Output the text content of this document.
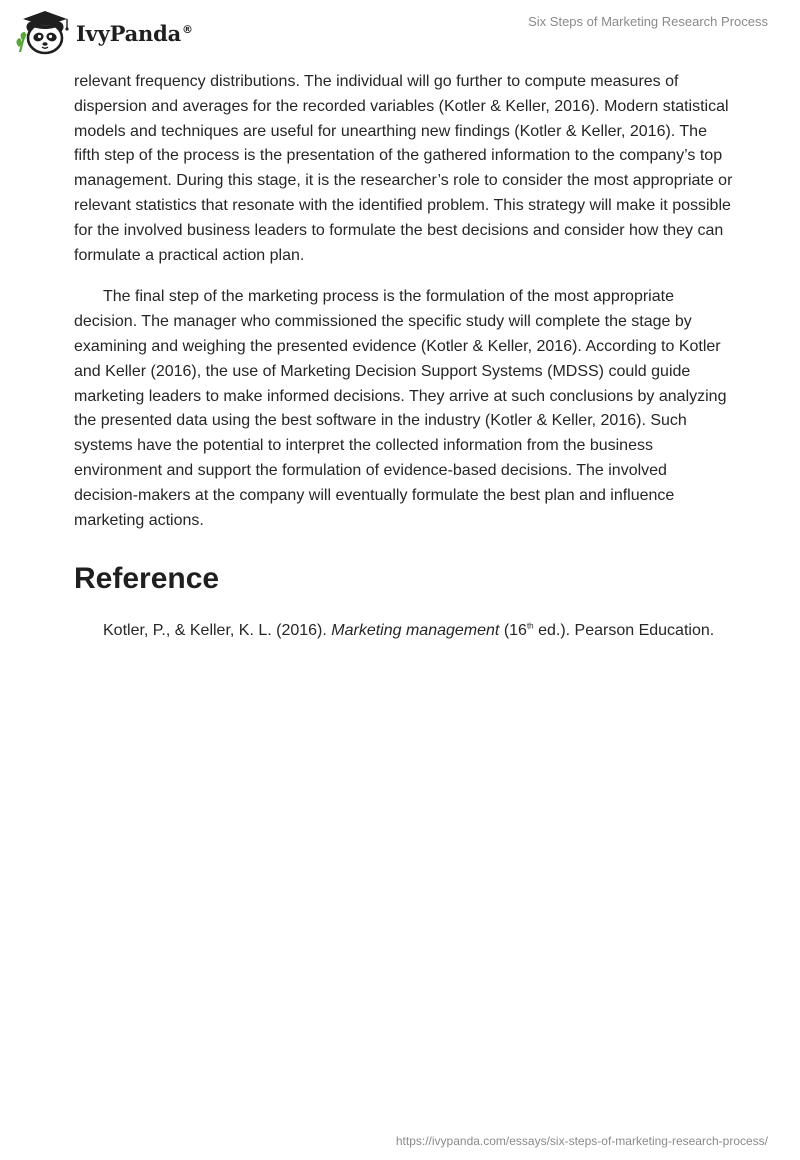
IvyPanda®	Six Steps of Marketing Research Process

relevant frequency distributions. The individual will go further to compute measures of dispersion and averages for the recorded variables (Kotler & Keller, 2016). Modern statistical models and techniques are useful for unearthing new findings (Kotler & Keller, 2016). The fifth step of the process is the presentation of the gathered information to the company’s top management. During this stage, it is the researcher’s role to consider the most appropriate or relevant statistics that resonate with the identified problem. This strategy will make it possible for the involved business leaders to formulate the best decisions and consider how they can formulate a practical action plan.

The final step of the marketing process is the formulation of the most appropriate decision. The manager who commissioned the specific study will complete the stage by examining and weighing the presented evidence (Kotler & Keller, 2016). According to Kotler and Keller (2016), the use of Marketing Decision Support Systems (MDSS) could guide marketing leaders to make informed decisions. They arrive at such conclusions by analyzing the presented data using the best software in the industry (Kotler & Keller, 2016). Such systems have the potential to interpret the collected information from the business environment and support the formulation of evidence-based decisions. The involved decision-makers at the company will eventually formulate the best plan and influence marketing actions.

Reference

Kotler, P., & Keller, K. L. (2016). Marketing management (16th ed.). Pearson Education.

https://ivypanda.com/essays/six-steps-of-marketing-research-process/
